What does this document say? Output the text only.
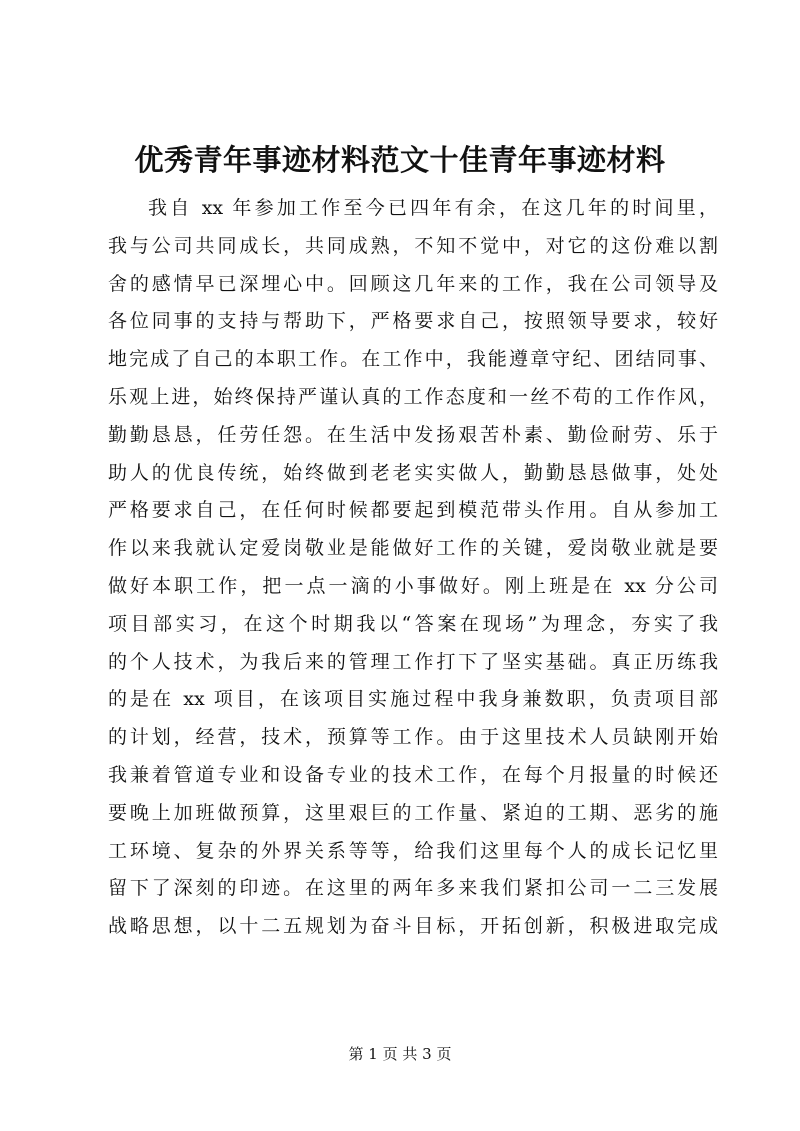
优秀青年事迹材料范文十佳青年事迹材料
我自 xx 年参加工作至今已四年有余，在这几年的时间里，
我与公司共同成长，共同成熟，不知不觉中，对它的这份难以割
舍的感情早已深埋心中。回顾这几年来的工作，我在公司领导及
各位同事的支持与帮助下，严格要求自己，按照领导要求，较好
地完成了自己的本职工作。在工作中，我能遵章守纪、团结同事、
乐观上进，始终保持严谨认真的工作态度和一丝不苟的工作作风，
勤勤恳恳，任劳任怨。在生活中发扬艰苦朴素、勤俭耐劳、乐于
助人的优良传统，始终做到老老实实做人，勤勤恳恳做事，处处
严格要求自己，在任何时候都要起到模范带头作用。自从参加工
作以来我就认定爱岗敬业是能做好工作的关键，爱岗敬业就是要
做好本职工作，把一点一滴的小事做好。刚上班是在 xx 分公司
项目部实习，在这个时期我以“答案在现场”为理念，夯实了我
的个人技术，为我后来的管理工作打下了坚实基础。真正历练我
的是在 xx 项目，在该项目实施过程中我身兼数职，负责项目部
的计划，经营，技术，预算等工作。由于这里技术人员缺刚开始
我兼着管道专业和设备专业的技术工作，在每个月报量的时候还
要晚上加班做预算，这里艰巨的工作量、紧迫的工期、恶劣的施
工环境、复杂的外界关系等等，给我们这里每个人的成长记忆里
留下了深刻的印迹。在这里的两年多来我们紧扣公司一二三发展
战略思想，以十二五规划为奋斗目标，开拓创新，积极进取完成
第 1 页 共 3 页
